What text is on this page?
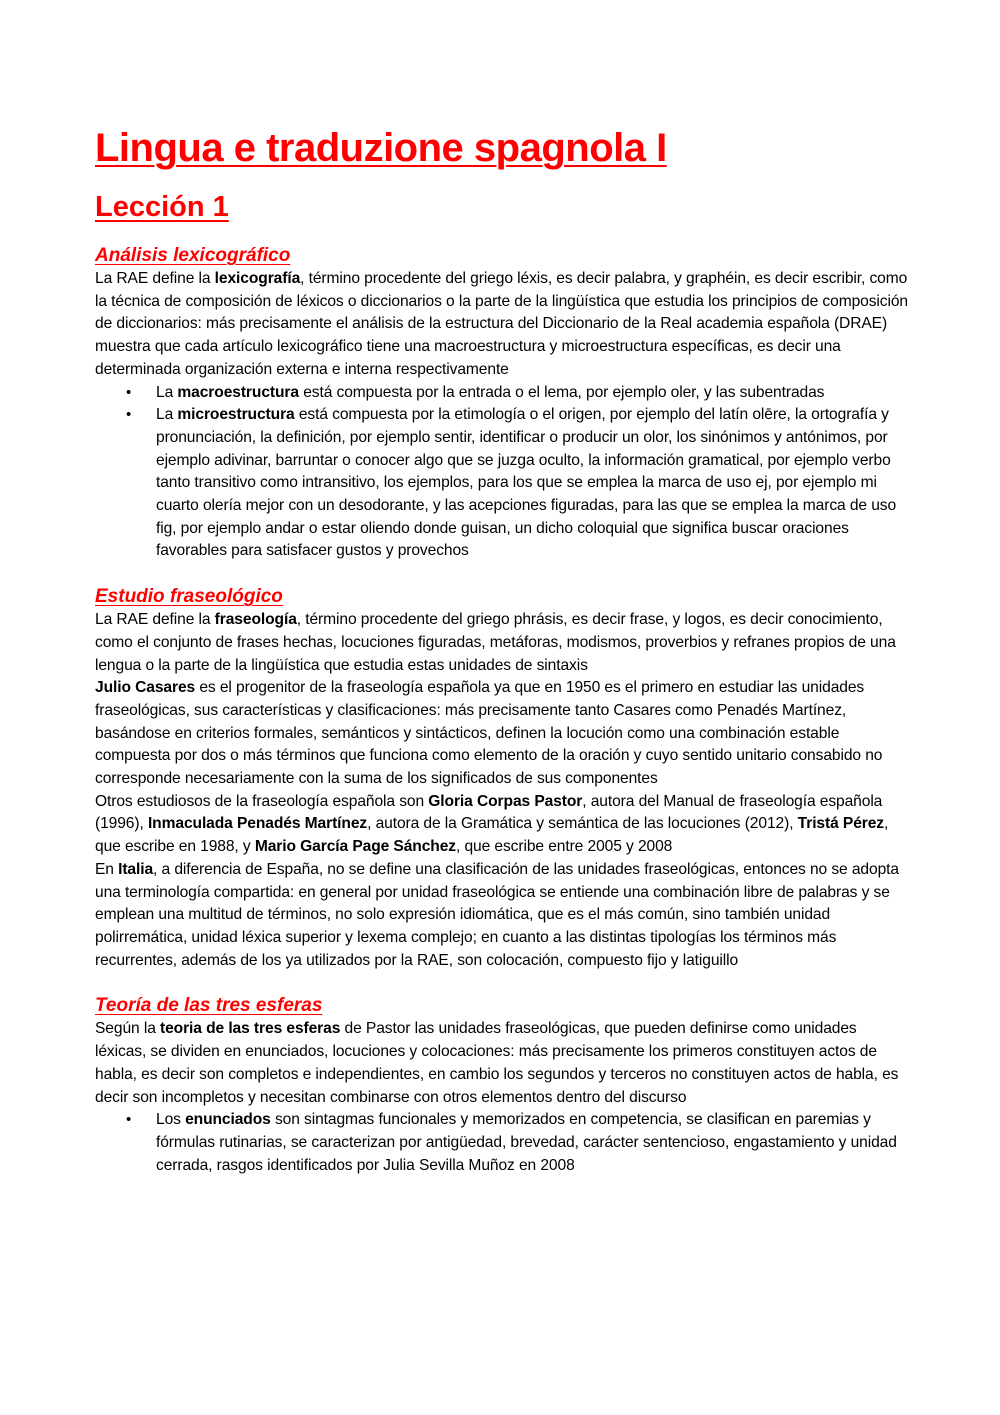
Lingua e traduzione spagnola I
Lección 1
Análisis lexicográfico

La RAE define la lexicografía, término procedente del griego léxis, es decir palabra, y graphéin, es decir escribir, como la técnica de composición de léxicos o diccionarios o la parte de la lingüística que estudia los principios de composición de diccionarios: más precisamente el análisis de la estructura del Diccionario de la Real academia española (DRAE) muestra que cada artículo lexicográfico tiene una macroestructura y microestructura específicas, es decir una determinada organización externa e interna respectivamente

• La macroestructura está compuesta por la entrada o el lema, por ejemplo oler, y las subentradas
• La microestructura está compuesta por la etimología o el origen, por ejemplo del latín olēre, la ortografía y pronunciación, la definición, por ejemplo sentir, identificar o producir un olor, los sinónimos y antónimos, por ejemplo adivinar, barruntar o conocer algo que se juzga oculto, la información gramatical, por ejemplo verbo tanto transitivo como intransitivo, los ejemplos, para los que se emplea la marca de uso ej, por ejemplo mi cuarto olería mejor con un desodorante, y las acepciones figuradas, para las que se emplea la marca de uso fig, por ejemplo andar o estar oliendo donde guisan, un dicho coloquial que significa buscar oraciones favorables para satisfacer gustos y provechos
Estudio fraseológico

La RAE define la fraseología, término procedente del griego phrásis, es decir frase, y logos, es decir conocimiento, como el conjunto de frases hechas, locuciones figuradas, metáforas, modismos, proverbios y refranes propios de una lengua o la parte de la lingüística que estudia estas unidades de sintaxis

Julio Casares es el progenitor de la fraseología española ya que en 1950 es el primero en estudiar las unidades fraseológicas, sus características y clasificaciones: más precisamente tanto Casares como Penadés Martínez, basándose en criterios formales, semánticos y sintácticos, definen la locución como una combinación estable compuesta por dos o más términos que funciona como elemento de la oración y cuyo sentido unitario consabido no corresponde necesariamente con la suma de los significados de sus componentes

Otros estudiosos de la fraseología española son Gloria Corpas Pastor, autora del Manual de fraseología española (1996), Inmaculada Penadés Martínez, autora de la Gramática y semántica de las locuciones (2012), Tristá Pérez, que escribe en 1988, y Mario García Page Sánchez, que escribe entre 2005 y 2008

En Italia, a diferencia de España, no se define una clasificación de las unidades fraseológicas, entonces no se adopta una terminología compartida: en general por unidad fraseológica se entiende una combinación libre de palabras y se emplean una multitud de términos, no solo expresión idiomática, que es el más común, sino también unidad polirremática, unidad léxica superior y lexema complejo; en cuanto a las distintas tipologías los términos más recurrentes, además de los ya utilizados por la RAE, son colocación, compuesto fijo y latiguillo

Teoría de las tres esferas

Según la teoria de las tres esferas de Pastor las unidades fraseológicas, que pueden definirse como unidades léxicas, se dividen en enunciados, locuciones y colocaciones: más precisamente los primeros constituyen actos de habla, es decir son completos e independientes, en cambio los segundos y terceros no constituyen actos de habla, es decir son incompletos y necesitan combinarse con otros elementos dentro del discurso

• Los enunciados son sintagmas funcionales y memorizados en competencia, se clasifican en paremias y fórmulas rutinarias, se caracterizan por antigüedad, brevedad, carácter sentencioso, engastamiento y unidad cerrada, rasgos identificados por Julia Sevilla Muñoz en 2008
